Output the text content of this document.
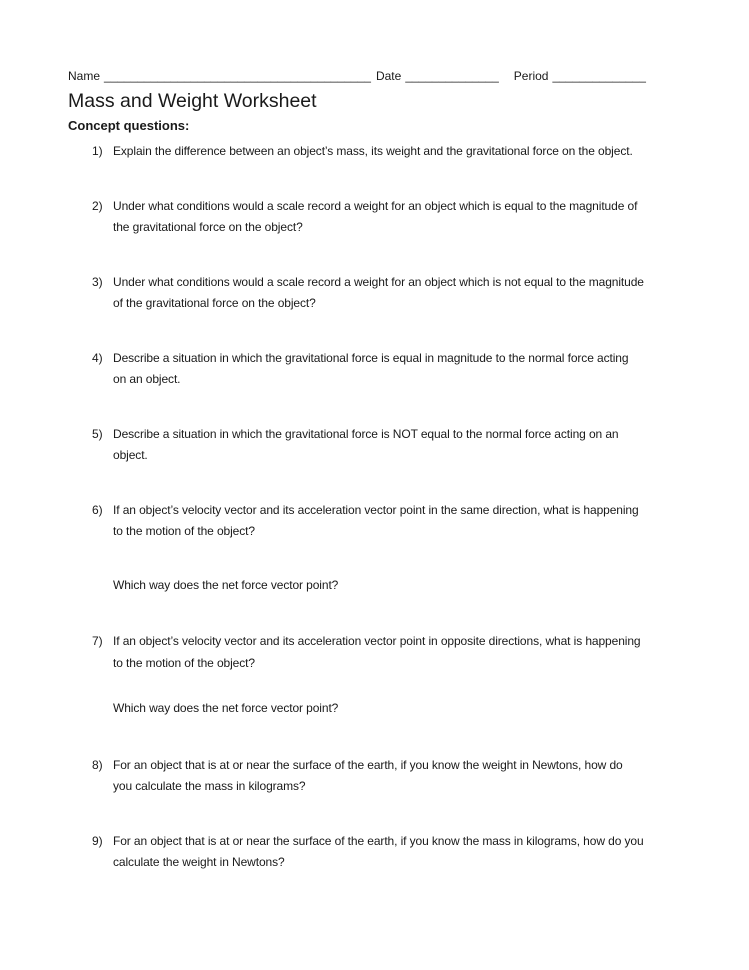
Name ________________________________________ Date ______________ Period ______________
Mass and Weight Worksheet
Concept questions:
1) Explain the difference between an object’s mass, its weight and the gravitational force on the object.
2) Under what conditions would a scale record a weight for an object which is equal to the magnitude of
the gravitational force on the object?
3) Under what conditions would a scale record a weight for an object which is not equal to the magnitude
of the gravitational force on the object?
4) Describe a situation in which the gravitational force is equal in magnitude to the normal force acting
on an object.
5) Describe a situation in which the gravitational force is NOT equal to the normal force acting on an
object.
6) If an object’s velocity vector and its acceleration vector point in the same direction, what is happening
to the motion of the object?
Which way does the net force vector point?
7) If an object’s velocity vector and its acceleration vector point in opposite directions, what is happening
to the motion of the object?
Which way does the net force vector point?
8) For an object that is at or near the surface of the earth, if you know the weight in Newtons, how do
you calculate the mass in kilograms?
9) For an object that is at or near the surface of the earth, if you know the mass in kilograms, how do you
calculate the weight in Newtons?
